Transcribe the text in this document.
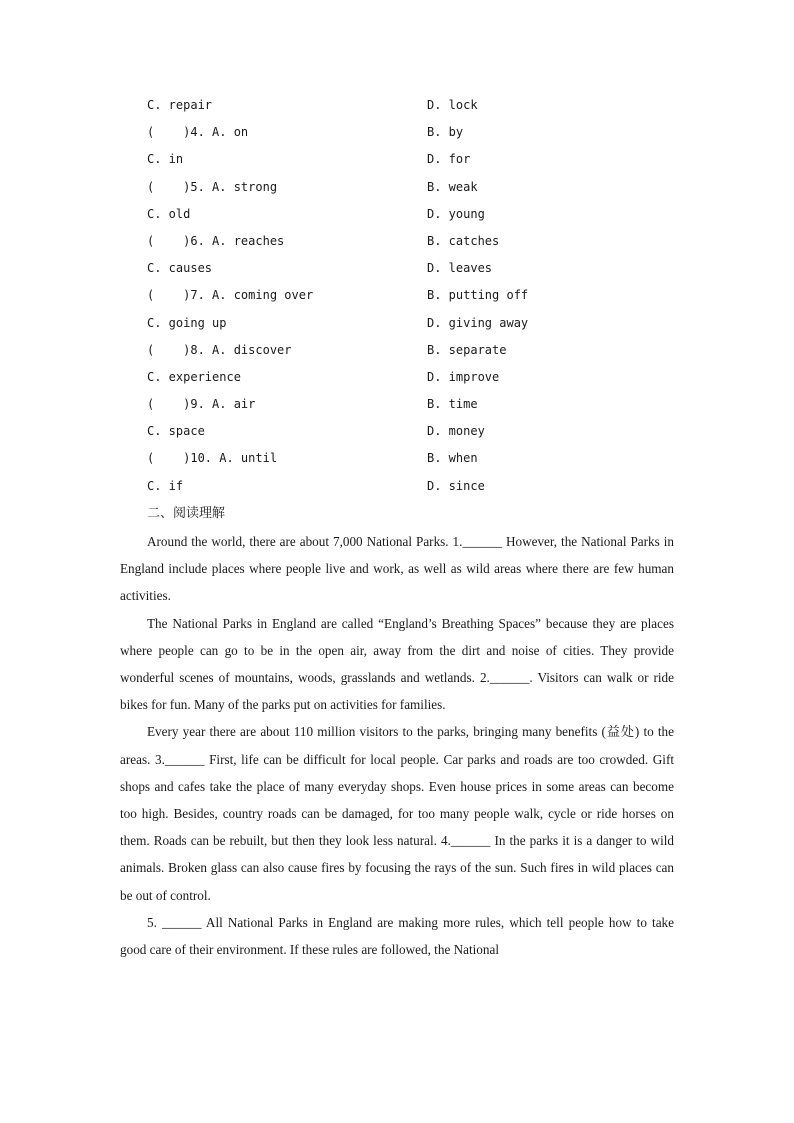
C. repair

	D. lock

(    )4. A. on

	B. by

C. in

	D. for

(    )5. A. strong

	B. weak

C. old

	D. young

(    )6. A. reaches

	B. catches

C. causes

	D. leaves

(    )7. A. coming over

	B. putting off

C. going up

	D. giving away

(    )8. A. discover

	B. separate

C. experience

	D. improve

(    )9. A. air

	B. time

C. space

	D. money

(    )10. A. until

	B. when

C. if

	D. since

二、阅读理解

Around the world, there are about 7,000 National Parks. 1.______ However, the National Parks in England include places where people live and work, as well as wild areas where there are few human activities.

The National Parks in England are called “England’s Breathing Spaces” because they are places where people can go to be in the open air, away from the dirt and noise of cities. They provide wonderful scenes of mountains, woods, grasslands and wetlands. 2.______. Visitors can walk or ride bikes for fun. Many of the parks put on activities for families.

Every year there are about 110 million visitors to the parks, bringing many benefits (益处) to the areas. 3.______ First, life can be difficult for local people. Car parks and roads are too crowded. Gift shops and cafes take the place of many everyday shops. Even house prices in some areas can become too high. Besides, country roads can be damaged, for too many people walk, cycle or ride horses on them. Roads can be rebuilt, but then they look less natural. 4.______ In the parks it is a danger to wild animals. Broken glass can also cause fires by focusing the rays of the sun. Such fires in wild places can be out of control.

5. ______ All National Parks in England are making more rules, which tell people how to take good care of their environment. If these rules are followed, the National
